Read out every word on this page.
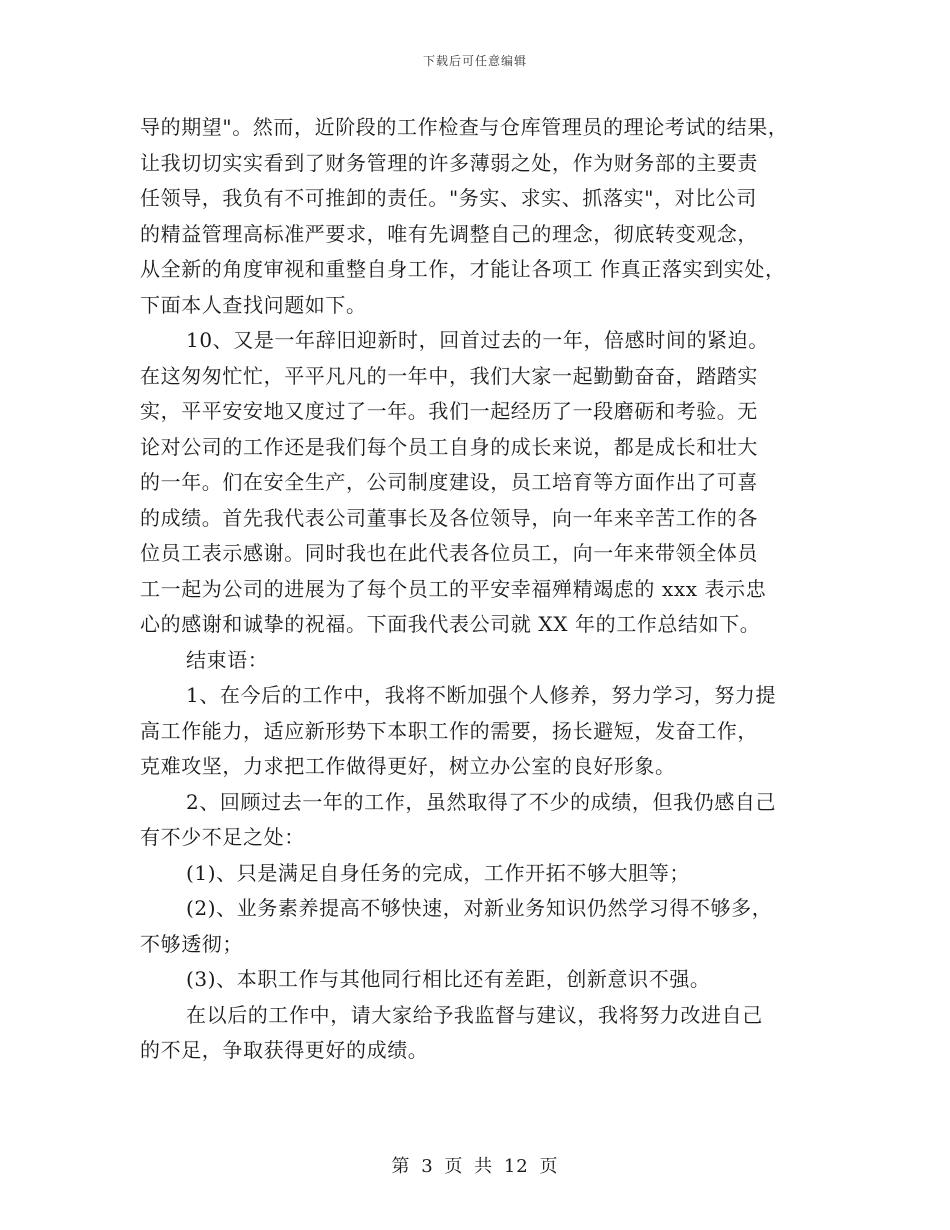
下载后可任意编辑
导的期望"。然而，近阶段的工作检查与仓库管理员的理论考试的结果，
让我切切实实看到了财务管理的许多薄弱之处，作为财务部的主要责
任领导，我负有不可推卸的责任。"务实、求实、抓落实"，对比公司
的精益管理高标准严要求，唯有先调整自己的理念，彻底转变观念，
从全新的角度审视和重整自身工作，才能让各项工 作真正落实到实处，
下面本人查找问题如下。
10、又是一年辞旧迎新时，回首过去的一年，倍感时间的紧迫。
在这匆匆忙忙，平平凡凡的一年中，我们大家一起勤勤奋奋，踏踏实
实，平平安安地又度过了一年。我们一起经历了一段磨砺和考验。无
论对公司的工作还是我们每个员工自身的成长来说，都是成长和壮大
的一年。们在安全生产，公司制度建设，员工培育等方面作出了可喜
的成绩。首先我代表公司董事长及各位领导，向一年来辛苦工作的各
位员工表示感谢。同时我也在此代表各位员工，向一年来带领全体员
工一起为公司的进展为了每个员工的平安幸福殚精竭虑的 xxx 表示忠
心的感谢和诚挚的祝福。下面我代表公司就 XX 年的工作总结如下。
结束语：
1、在今后的工作中，我将不断加强个人修养，努力学习，努力提
高工作能力，适应新形势下本职工作的需要，扬长避短，发奋工作，
克难攻坚，力求把工作做得更好，树立办公室的良好形象。
2、回顾过去一年的工作，虽然取得了不少的成绩，但我仍感自己
有不少不足之处：
(1)、只是满足自身任务的完成，工作开拓不够大胆等；
(2)、业务素养提高不够快速，对新业务知识仍然学习得不够多，
不够透彻；
(3)、本职工作与其他同行相比还有差距，创新意识不强。
在以后的工作中，请大家给予我监督与建议，我将努力改进自己
的不足，争取获得更好的成绩。
第 3 页 共 12 页
